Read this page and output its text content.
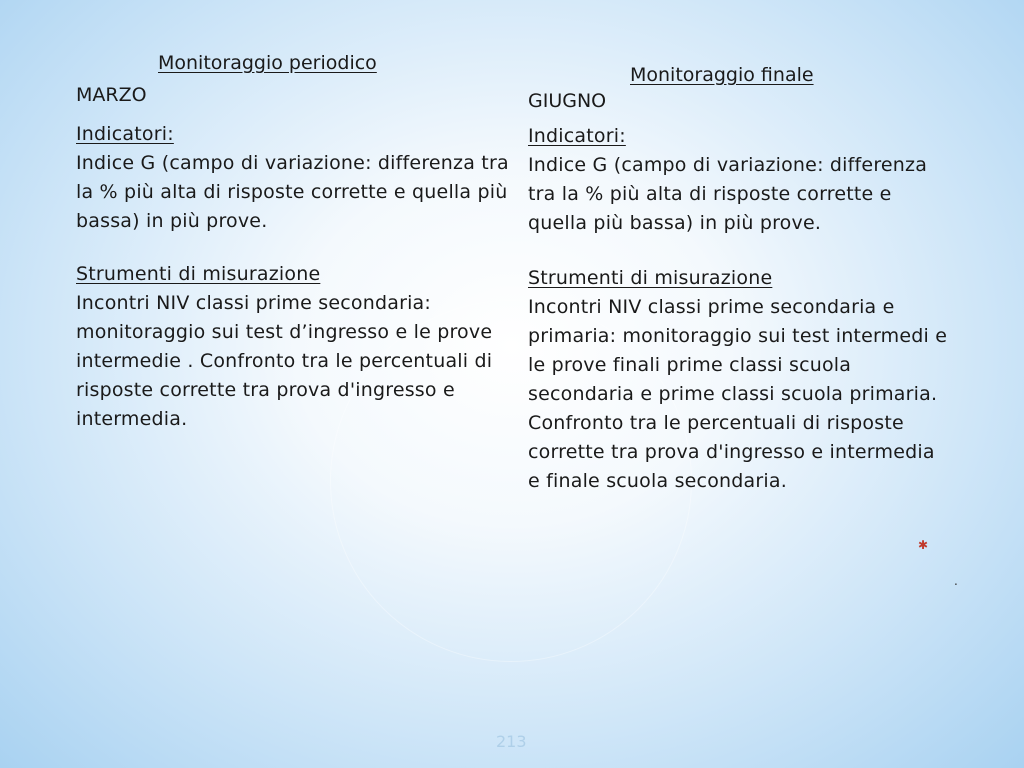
Monitoraggio periodico
MARZO
Monitoraggio finale
GIUGNO
Indicatori:
Indice G (campo di variazione: differenza tra la % più alta di risposte corrette e quella più bassa) in più prove.
Strumenti di misurazione
Incontri NIV classi prime secondaria: monitoraggio sui test d’ingresso e le prove intermedie . Confronto tra le percentuali di risposte corrette tra prova d'ingresso e intermedia.
Indicatori:
Indice G (campo di variazione: differenza tra la % più alta di risposte corrette e quella più bassa) in più prove.
Strumenti di misurazione
Incontri NIV classi prime secondaria e primaria: monitoraggio sui test intermedi e le prove finali prime classi scuola secondaria e prime classi scuola primaria. Confronto tra le percentuali di risposte corrette tra prova d'ingresso e intermedia e finale scuola secondaria.
$_✱$
.
213
